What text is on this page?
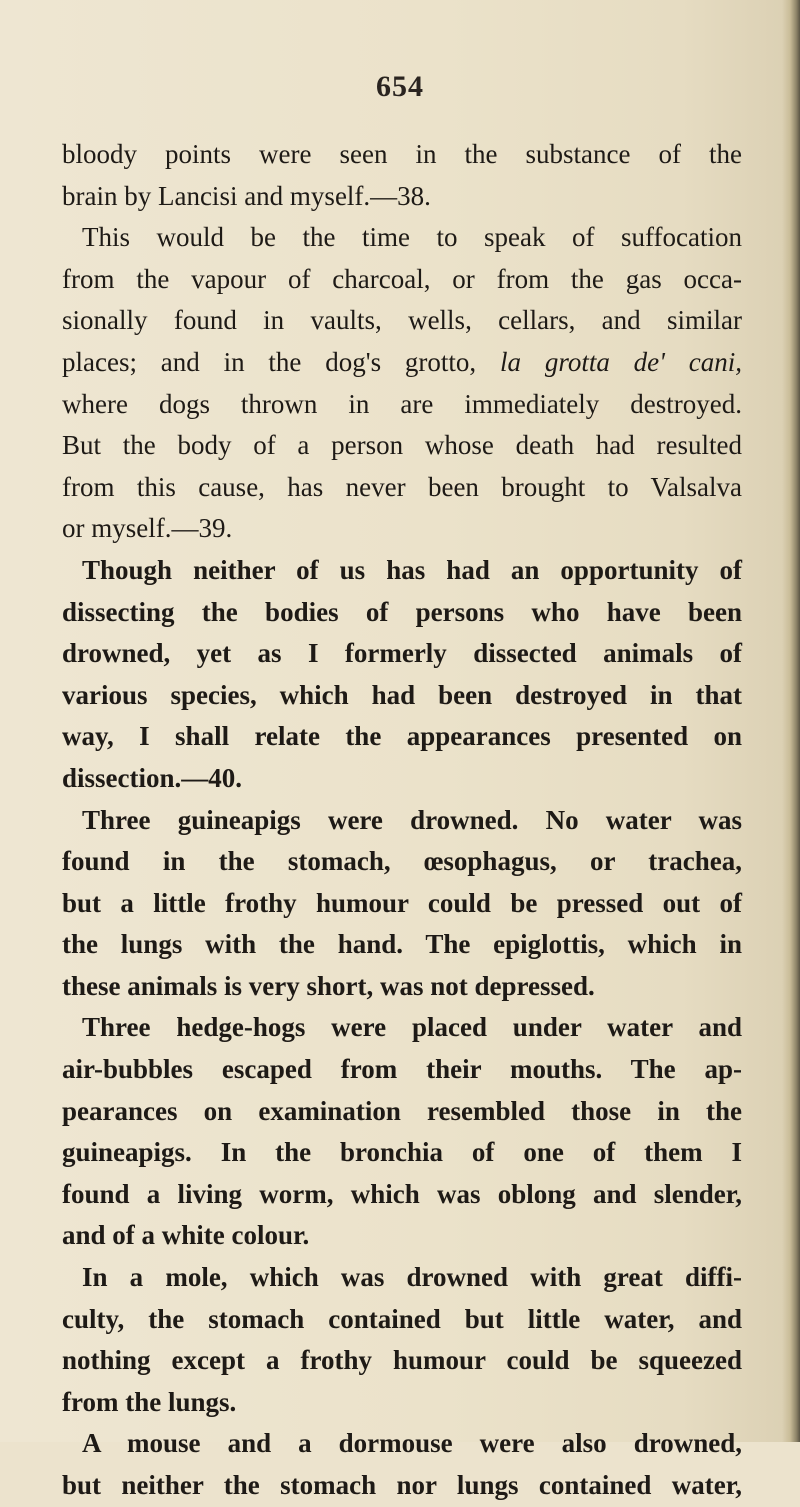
654
bloody points were seen in the substance of the
brain by Lancisi and myself.—38.
This would be the time to speak of suffocation
from the vapour of charcoal, or from the gas occa-
sionally found in vaults, wells, cellars, and similar
places; and in the dog's grotto, la grotta de' cani,
where dogs thrown in are immediately destroyed.
But the body of a person whose death had resulted
from this cause, has never been brought to Valsalva
or myself.—39.
Though neither of us has had an opportunity of
dissecting the bodies of persons who have been
drowned, yet as I formerly dissected animals of
various species, which had been destroyed in that
way, I shall relate the appearances presented on
dissection.—40.
Three guineapigs were drowned. No water was
found in the stomach, œsophagus, or trachea,
but a little frothy humour could be pressed out of
the lungs with the hand. The epiglottis, which in
these animals is very short, was not depressed.
Three hedge-hogs were placed under water and
air-bubbles escaped from their mouths. The ap-
pearances on examination resembled those in the
guineapigs. In the bronchia of one of them I
found a living worm, which was oblong and slender,
and of a white colour.
In a mole, which was drowned with great diffi-
culty, the stomach contained but little water, and
nothing except a frothy humour could be squeezed
from the lungs.
A mouse and a dormouse were also drowned,
but neither the stomach nor lungs contained water,
